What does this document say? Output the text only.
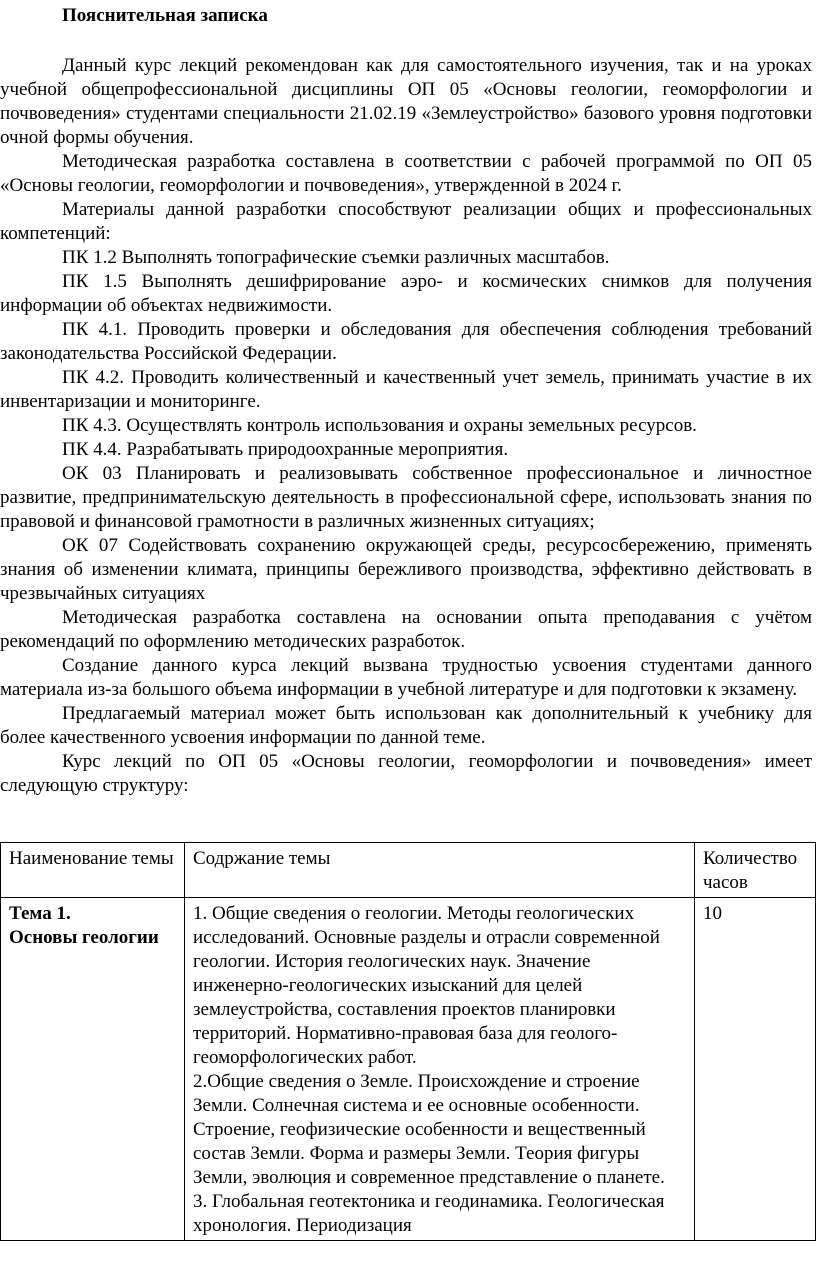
Пояснительная записка

Данный курс лекций рекомендован как для самостоятельного изучения, так и на уроках учебной общепрофессиональной дисциплины ОП 05 «Основы геологии, геоморфологии и почвоведения» студентами специальности 21.02.19 «Землеустройство» базового уровня подготовки очной формы обучения.

Методическая разработка составлена в соответствии с рабочей программой по ОП 05 «Основы геологии, геоморфологии и почвоведения», утвержденной в 2024 г.

Материалы данной разработки способствуют реализации общих и профессиональных компетенций:

ПК 1.2 Выполнять топографические съемки различных масштабов.

ПК 1.5 Выполнять дешифрирование аэро- и космических снимков для получения информации об объектах недвижимости.

ПК 4.1. Проводить проверки и обследования для обеспечения соблюдения требований законодательства Российской Федерации.

ПК 4.2. Проводить количественный и качественный учет земель, принимать участие в их инвентаризации и мониторинге.

ПК 4.3. Осуществлять контроль использования и охраны земельных ресурсов.

ПК 4.4. Разрабатывать природоохранные мероприятия.

ОК 03 Планировать и реализовывать собственное профессиональное и личностное развитие, предпринимательскую деятельность в профессиональной сфере, использовать знания по правовой и финансовой грамотности в различных жизненных ситуациях;

ОК 07 Содействовать сохранению окружающей среды, ресурсосбережению, применять знания об изменении климата, принципы бережливого производства, эффективно действовать в чрезвычайных ситуациях

Методическая разработка составлена на основании опыта преподавания с учётом рекомендаций по оформлению методических разработок.

Создание данного курса лекций вызвана трудностью усвоения студентами данного материала из-за большого объема информации в учебной литературе и для подготовки к экзамену.

Предлагаемый материал может быть использован как дополнительный к учебнику для более качественного усвоения информации по данной теме.

Курс лекций по ОП 05 «Основы геологии, геоморфологии и почвоведения» имеет следующую структуру:

Наименование темы	Содржание темы	Количество часов

Тема 1.
Основы геологии	1. Общие сведения о геологии. Методы геологических исследований. Основные разделы и отрасли современной геологии. История геологических наук. Значение инженерно-геологических изысканий для целей землеустройства, составления проектов планировки территорий. Нормативно-правовая база для геолого-геоморфологических работ.
2.Общие сведения о Земле. Происхождение и строение Земли. Солнечная система и ее основные особенности. Строение, геофизические особенности и вещественный состав Земли. Форма и размеры Земли. Теория фигуры Земли, эволюция и современное представление о планете.
3. Глобальная геотектоника и геодинамика. Геологическая хронология. Периодизация	10
